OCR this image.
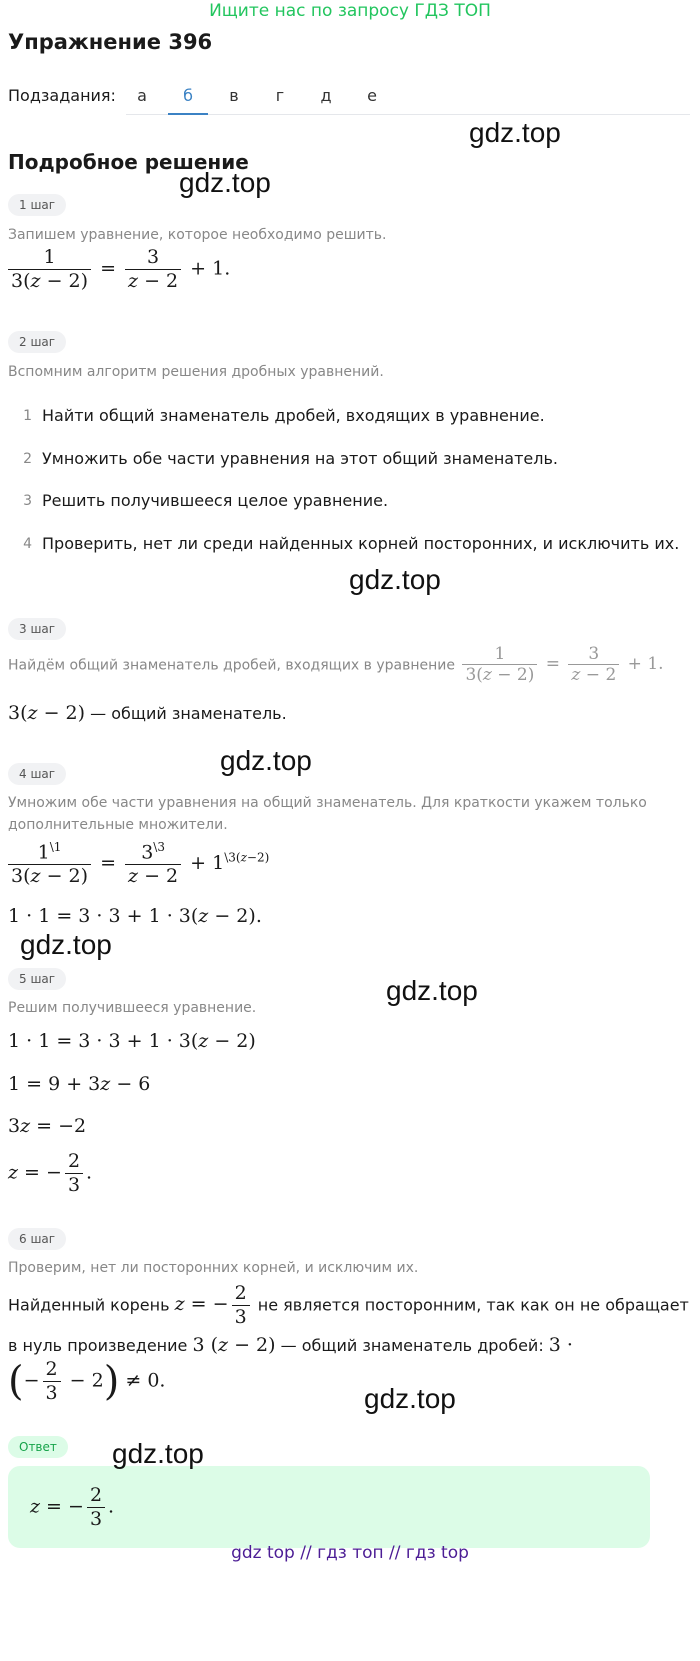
Ищите нас по запросу ГДЗ ТОП
Упражнение 396
Подзадания:	а	б	в	г	д	е
Подробное решение
1 шаг
Запишем уравнение, которое необходимо решить.
$\frac{1}{3(z - 2)} = \frac{3}{z - 2} + 1$.
2 шаг
Вспомним алгоритм решения дробных уравнений.
1 Найти общий знаменатель дробей, входящих в уравнение.
2 Умножить обе части уравнения на этот общий знаменатель.
3 Решить получившееся целое уравнение.
4 Проверить, нет ли среди найденных корней посторонних, и исключить их.
3 шаг
Найдём общий знаменатель дробей, входящих в уравнение $\frac{1}{3(z - 2)} = \frac{3}{z - 2} + 1$.
3(z − 2) — общий знаменатель.
4 шаг
Умножим обе части уравнения на общий знаменатель. Для краткости укажем только
дополнительные множители.
$\frac{1^{\backslash 1}}{3(z - 2)} = \frac{3^{\backslash 3}}{z - 2} + 1^{\backslash 3(z-2)}$
1 · 1 = 3 · 3 + 1 · 3(z − 2).
5 шаг
Решим получившееся уравнение.
1 · 1 = 3 · 3 + 1 · 3(z − 2)
1 = 9 + 3z − 6
3z = −2
z = − $\frac{2}{3}$ .
6 шаг
Проверим, нет ли посторонних корней, и исключим их.
Найденный корень z = − $\frac{2}{3}$ не является посторонним, так как он не обращает
в нуль произведение 3 (z − 2) — общий знаменатель дробей: 3 ·
(− $\frac{2}{3} - 2) \ne 0$.
Ответ
z = − $\frac{2}{3}$ .
gdz.top
gdz.top
gdz.top
gdz.top
gdz.top
gdz.top
gdz.top
gdz.top
gdz top // гдз топ // гдз top
